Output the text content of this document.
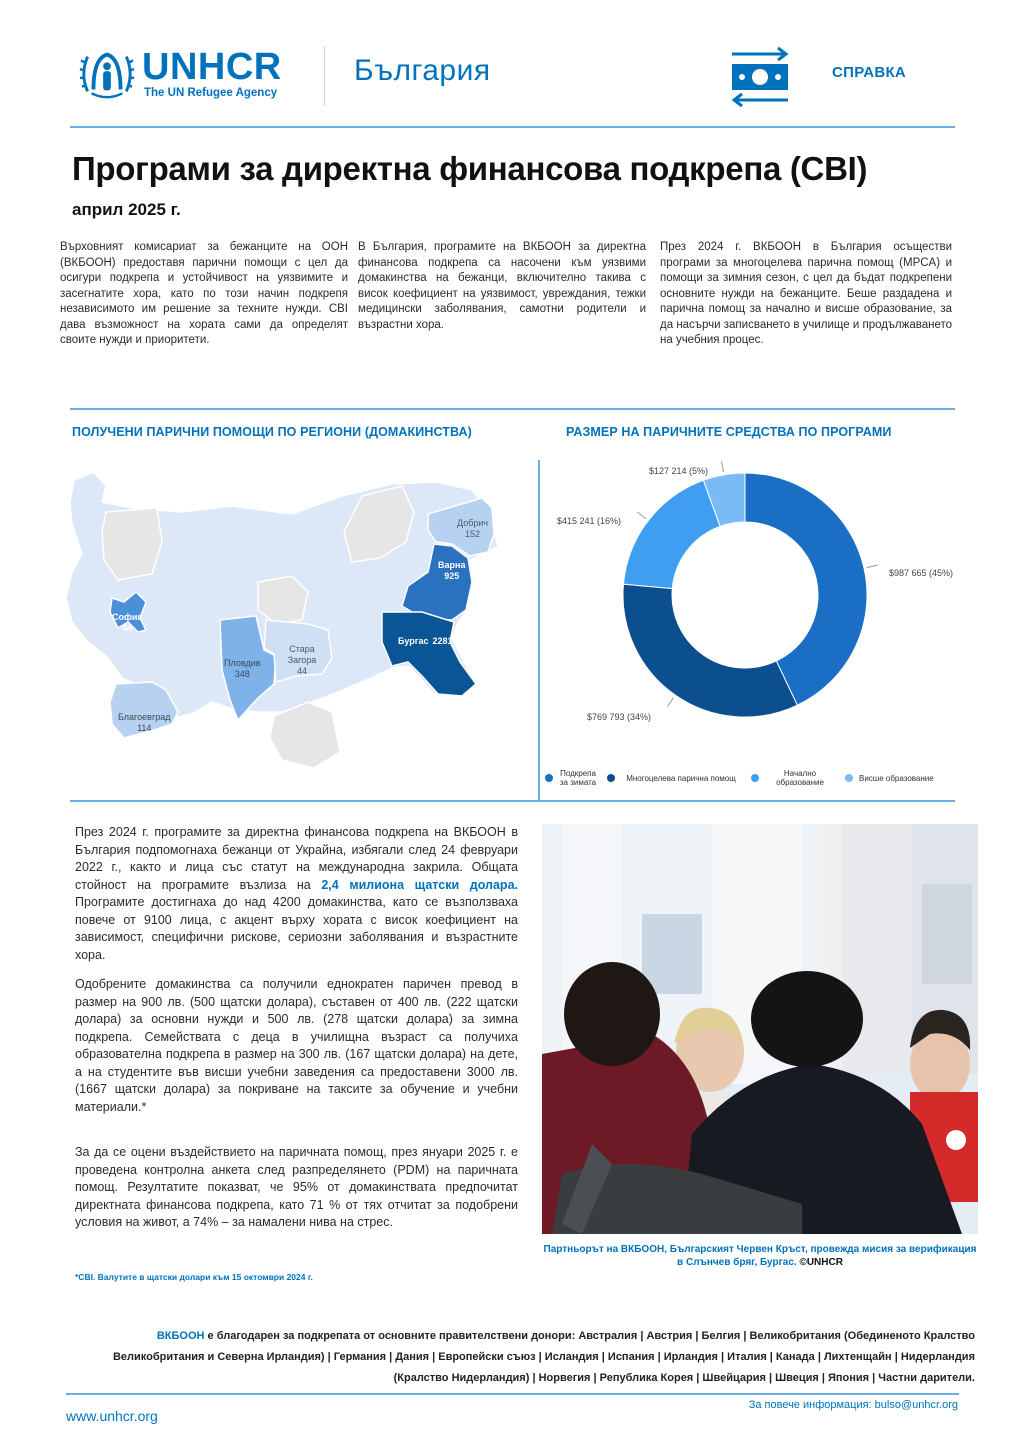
UNHCR
The UN Refugee Agency
България	СПРАВКА
Програми за директна финансова подкрепа (CBI)
април 2025 г.

Върховният комисариат за бежанците на ООН (ВКБООН) предоставя парични помощи с цел да осигури подкрепа и устойчивост на уязвимите и засегнатите хора, като по този начин подкрепя независимото им решение за техните нужди. CBI дава възможност на хората сами да определят своите нужди и приоритети.

В България, програмите на ВКБООН за директна финансова подкрепа са насочени към уязвими домакинства на бежанци, включително такива с висок коефициент на уязвимост, увреждания, тежки медицински заболявания, самотни родители и възрастни хора.

През 2024 г. ВКБООН в България осъществи програми за многоцелева парична помощ (MPCA) и помощи за зимния сезон, с цел да бъдат подкрепени основните нужди на бежанците. Беше раздадена и парична помощ за начално и висше образование, за да насърчи записването в училище и продължаването на учебния процес.

ПОЛУЧЕНИ ПАРИЧНИ ПОМОЩИ ПО РЕГИОНИ (ДОМАКИНСТВА)
Добрич
152
Варна
925
Бургас 2281
София
44
Пловдив
348
Стара Загора
44
Благоевград
114
РАЗМЕР НА ПАРИЧНИТЕ СРЕДСТВА ПО ПРОГРАМИ
$127 214 (5%)
$415 241 (16%)
$987 665 (45%)
$769 793 (34%)
Подкрепа за зимата	Многоцелева парична помощ	Начално образование	Висше образование

През 2024 г. програмите за директна финансова подкрепа на ВКБООН в България подпомогнаха бежанци от Украйна, избягали след 24 февруари 2022 г., както и лица със статут на международна закрила. Общата стойност на програмите възлиза на 2,4 милиона щатски долара. Програмите достигнаха до над 4200 домакинства, като се възползваха повече от 9100 лица, с акцент върху хората с висок коефициент на зависимост, специфични рискове, сериозни заболявания и възрастните хора.

Одобрените домакинства са получили еднократен паричен превод в размер на 900 лв. (500 щатски долара), съставен от 400 лв. (222 щатски долара) за основни нужди и 500 лв. (278 щатски долара) за зимна подкрепа. Семействата с деца в училищна възраст са получихa образователна подкрепа в размер на 300 лв. (167 щатски долара) на дете, а на студентите във висши учебни заведения са предоставени 3000 лв. (1667 щатски долара) за покриване на таксите за обучение и учебни материали.*

За да се оцени въздействието на паричната помощ, през януари 2025 г. е проведена контролна анкета след разпределянето (PDM) на паричната помощ. Резултатите показват, че 95% от домакинствата предпочитат директната финансова подкрепа, като 71 % от тях отчитат за подобрени условия на живот, а 74% – за намалени нива на стрес.

*CBI. Валутите в щатски долари към 15 октомври 2024 г.

Партньорът на ВКБООН, Българският Червен Кръст, провежда мисия за верификация в Слънчев бряг, Бургас. ©UNHCR

ВКБООН е благодарен за подкрепата от основните правителствени донори: Австралия | Австрия | Белгия | Великобритания (Обединеното Кралство Великобритания и Северна Ирландия) | Германия | Дания | Европейски съюз | Исландия | Испания | Ирландия | Италия | Канада | Лихтенщайн | Нидерландия (Кралство Нидерландия) | Норвегия | Република Корея | Швейцария | Швеция | Япония | Частни дарители.

www.unhcr.org
За повече информация: bulso@unhcr.org
